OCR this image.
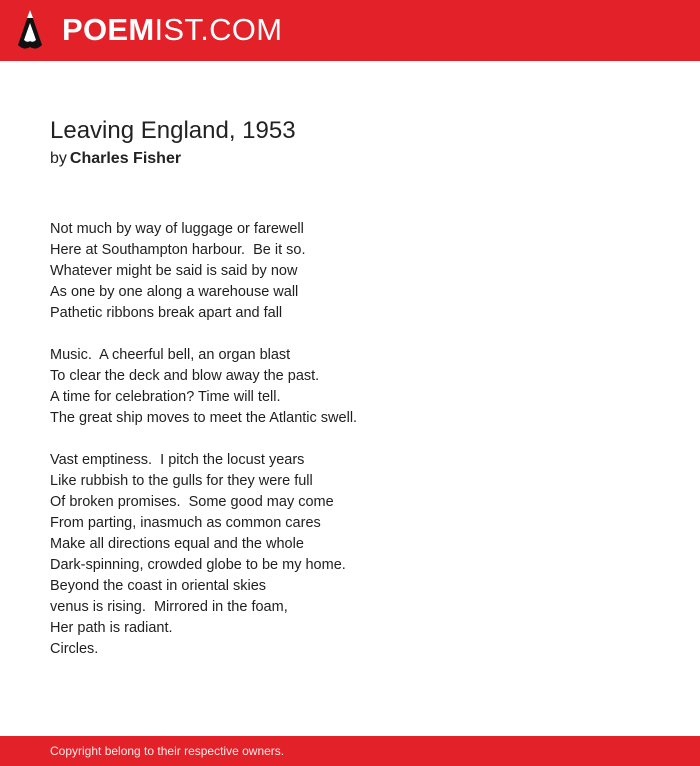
POEMIST.COM
Leaving England, 1953
by Charles Fisher
Not much by way of luggage or farewell
Here at Southampton harbour.  Be it so.
Whatever might be said is said by now
As one by one along a warehouse wall
Pathetic ribbons break apart and fall
Music.  A cheerful bell, an organ blast
To clear the deck and blow away the past.
A time for celebration? Time will tell.
The great ship moves to meet the Atlantic swell.
Vast emptiness.  I pitch the locust years
Like rubbish to the gulls for they were full
Of broken promises.  Some good may come
From parting, inasmuch as common cares
Make all directions equal and the whole
Dark-spinning, crowded globe to be my home.
Beyond the coast in oriental skies
venus is rising.  Mirrored in the foam,
Her path is radiant.
Circles.
Copyright belong to their respective owners.
